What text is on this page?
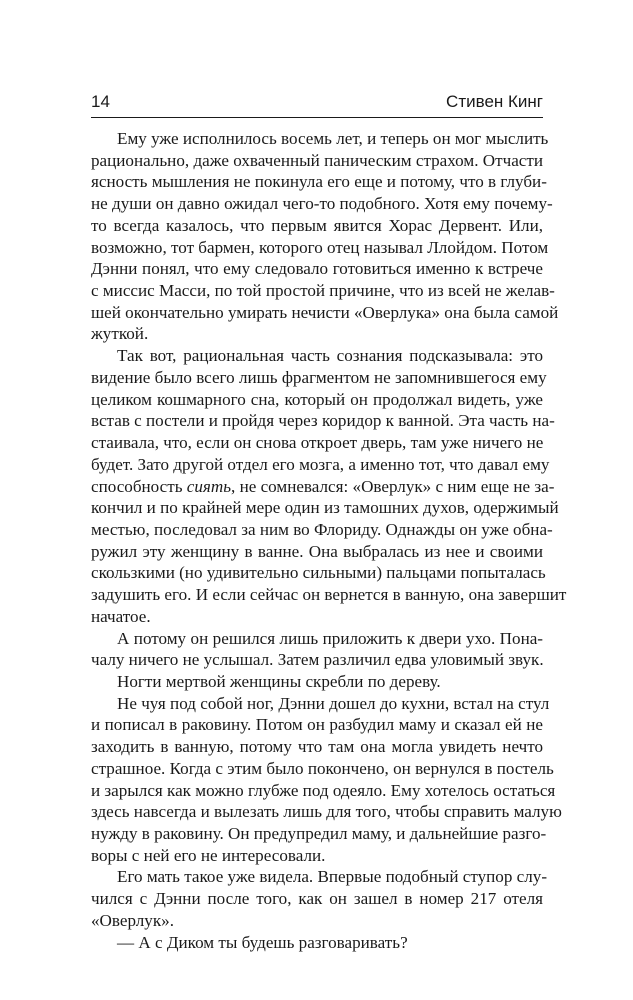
14	Стивен Кинг
Ему уже исполнилось восемь лет, и теперь он мог мыслить
рационально, даже охваченный паническим страхом. Отчасти
ясность мышления не покинула его еще и потому, что в глуби-
не души он давно ожидал чего-то подобного. Хотя ему почему-
то всегда казалось, что первым явится Хорас Дервент. Или,
возможно, тот бармен, которого отец называл Ллойдом. Потом
Дэнни понял, что ему следовало готовиться именно к встрече
с миссис Масси, по той простой причине, что из всей не желав-
шей окончательно умирать нечисти «Оверлука» она была самой
жуткой.
Так вот, рациональная часть сознания подсказывала: это
видение было всего лишь фрагментом не запомнившегося ему
целиком кошмарного сна, который он продолжал видеть, уже
встав с постели и пройдя через коридор к ванной. Эта часть на-
стаивала, что, если он снова откроет дверь, там уже ничего не
будет. Зато другой отдел его мозга, а именно тот, что давал ему
способность сиять, не сомневался: «Оверлук» с ним еще не за-
кончил и по крайней мере один из тамошних духов, одержимый
местью, последовал за ним во Флориду. Однажды он уже обна-
ружил эту женщину в ванне. Она выбралась из нее и своими
скользкими (но удивительно сильными) пальцами попыталась
задушить его. И если сейчас он вернется в ванную, она завершит
начатое.
А потому он решился лишь приложить к двери ухо. Пона-
чалу ничего не услышал. Затем различил едва уловимый звук.
Ногти мертвой женщины скребли по дереву.
Не чуя под собой ног, Дэнни дошел до кухни, встал на стул
и пописал в раковину. Потом он разбудил маму и сказал ей не
заходить в ванную, потому что там она могла увидеть нечто
страшное. Когда с этим было покончено, он вернулся в постель
и зарылся как можно глубже под одеяло. Ему хотелось остаться
здесь навсегда и вылезать лишь для того, чтобы справить малую
нужду в раковину. Он предупредил маму, и дальнейшие разго-
воры с ней его не интересовали.
Его мать такое уже видела. Впервые подобный ступор слу-
чился с Дэнни после того, как он зашел в номер 217 отеля
«Оверлук».
— А с Диком ты будешь разговаривать?
